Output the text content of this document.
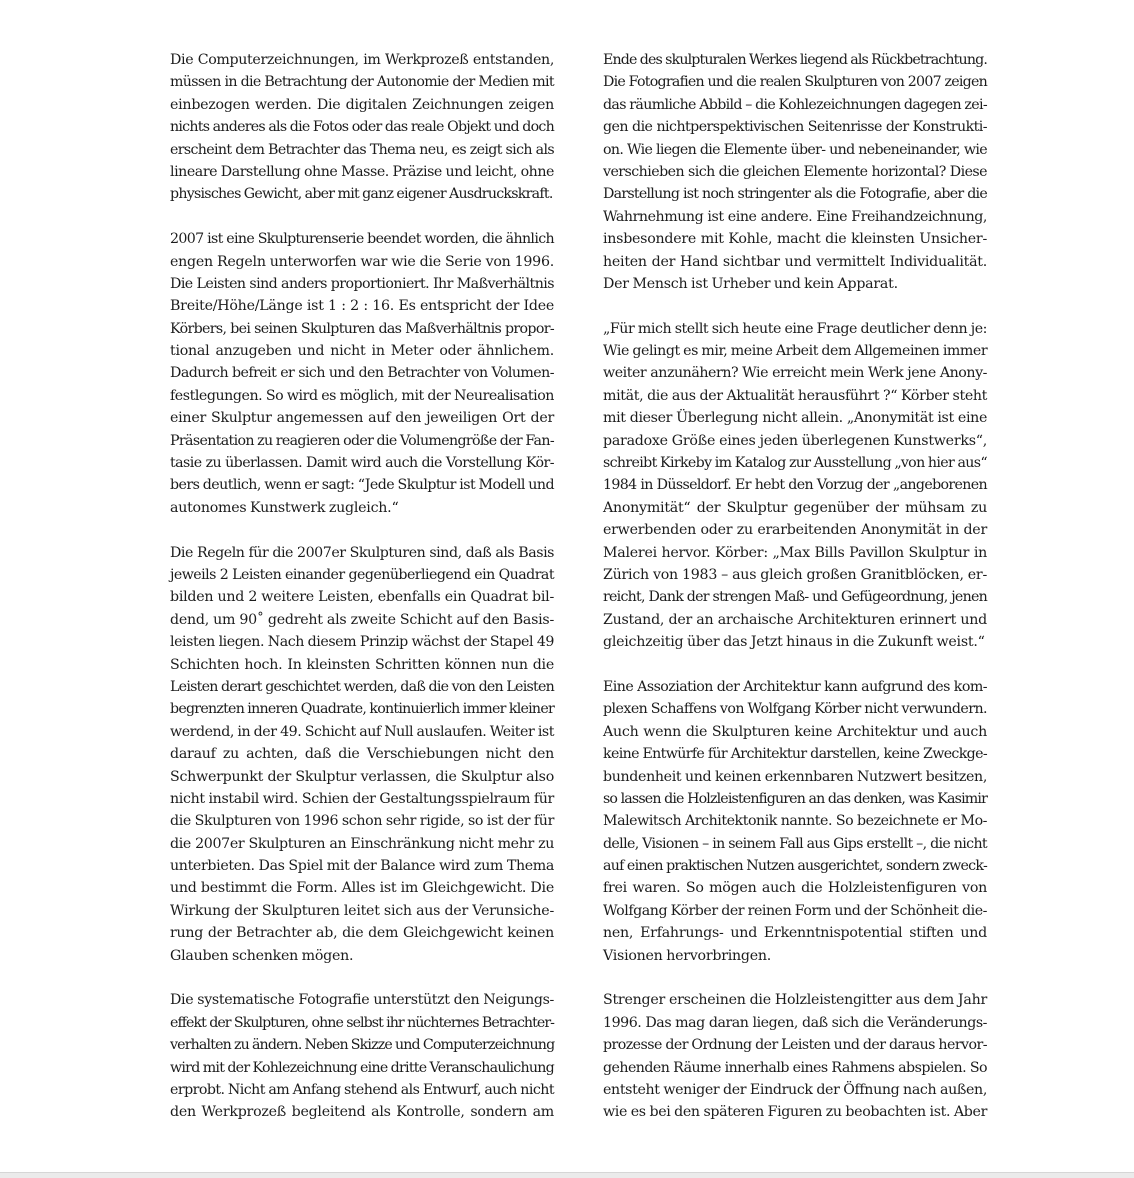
Die Computerzeichnungen, im Werkprozeß entstanden,
müssen in die Betrachtung der Autonomie der Medien mit
einbezogen werden. Die digitalen Zeichnungen zeigen
nichts anderes als die Fotos oder das reale Objekt und doch
erscheint dem Betrachter das Thema neu, es zeigt sich als
lineare Darstellung ohne Masse. Präzise und leicht, ohne
physisches Gewicht, aber mit ganz eigener Ausdruckskraft.
2007 ist eine Skulpturenserie beendet worden, die ähnlich
engen Regeln unterworfen war wie die Serie von 1996.
Die Leisten sind anders proportioniert. Ihr Maßverhältnis
Breite/Höhe/Länge ist 1 : 2 : 16. Es entspricht der Idee
Körbers, bei seinen Skulpturen das Maßverhältnis propor-
tional anzugeben und nicht in Meter oder ähnlichem.
Dadurch befreit er sich und den Betrachter von Volumen-
festlegungen. So wird es möglich, mit der Neurealisation
einer Skulptur angemessen auf den jeweiligen Ort der
Präsentation zu reagieren oder die Volumengröße der Fan-
tasie zu überlassen. Damit wird auch die Vorstellung Kör-
bers deutlich, wenn er sagt: “Jede Skulptur ist Modell und
autonomes Kunstwerk zugleich.“
Die Regeln für die 2007er Skulpturen sind, daß als Basis
jeweils 2 Leisten einander gegenüberliegend ein Quadrat
bilden und 2 weitere Leisten, ebenfalls ein Quadrat bil-
dend, um 90˚ gedreht als zweite Schicht auf den Basis-
leisten liegen. Nach diesem Prinzip wächst der Stapel 49
Schichten hoch. In kleinsten Schritten können nun die
Leisten derart geschichtet werden, daß die von den Leisten
begrenzten inneren Quadrate, kontinuierlich immer kleiner
werdend, in der 49. Schicht auf Null auslaufen. Weiter ist
darauf zu achten, daß die Verschiebungen nicht den
Schwerpunkt der Skulptur verlassen, die Skulptur also
nicht instabil wird. Schien der Gestaltungsspielraum für
die Skulpturen von 1996 schon sehr rigide, so ist der für
die 2007er Skulpturen an Einschränkung nicht mehr zu
unterbieten. Das Spiel mit der Balance wird zum Thema
und bestimmt die Form. Alles ist im Gleichgewicht. Die
Wirkung der Skulpturen leitet sich aus der Verunsiche-
rung der Betrachter ab, die dem Gleichgewicht keinen
Glauben schenken mögen.
Die systematische Fotografie unterstützt den Neigungs-
effekt der Skulpturen, ohne selbst ihr nüchternes Betrachter-
verhalten zu ändern. Neben Skizze und Computerzeichnung
wird mit der Kohlezeichnung eine dritte Veranschaulichung
erprobt. Nicht am Anfang stehend als Entwurf, auch nicht
den Werkprozeß begleitend als Kontrolle, sondern am
Ende des skulpturalen Werkes liegend als Rückbetrachtung.
Die Fotografien und die realen Skulpturen von 2007 zeigen
das räumliche Abbild – die Kohlezeichnungen dagegen zei-
gen die nichtperspektivischen Seitenrisse der Konstrukti-
on. Wie liegen die Elemente über- und nebeneinander, wie
verschieben sich die gleichen Elemente horizontal? Diese
Darstellung ist noch stringenter als die Fotografie, aber die
Wahrnehmung ist eine andere. Eine Freihandzeichnung,
insbesondere mit Kohle, macht die kleinsten Unsicher-
heiten der Hand sichtbar und vermittelt Individualität.
Der Mensch ist Urheber und kein Apparat.
„Für mich stellt sich heute eine Frage deutlicher denn je:
Wie gelingt es mir, meine Arbeit dem Allgemeinen immer
weiter anzunähern? Wie erreicht mein Werk jene Anony-
mität, die aus der Aktualität herausführt ?“ Körber steht
mit dieser Überlegung nicht allein. „Anonymität ist eine
paradoxe Größe eines jeden überlegenen Kunstwerks“,
schreibt Kirkeby im Katalog zur Ausstellung „von hier aus“
1984 in Düsseldorf. Er hebt den Vorzug der „angeborenen
Anonymität“ der Skulptur gegenüber der mühsam zu
erwerbenden oder zu erarbeitenden Anonymität in der
Malerei hervor. Körber: „Max Bills Pavillon Skulptur in
Zürich von 1983 – aus gleich großen Granitblöcken, er-
reicht, Dank der strengen Maß- und Gefügeordnung, jenen
Zustand, der an archaische Architekturen erinnert und
gleichzeitig über das Jetzt hinaus in die Zukunft weist.“
Eine Assoziation der Architektur kann aufgrund des kom-
plexen Schaffens von Wolfgang Körber nicht verwundern.
Auch wenn die Skulpturen keine Architektur und auch
keine Entwürfe für Architektur darstellen, keine Zweckge-
bundenheit und keinen erkennbaren Nutzwert besitzen,
so lassen die Holzleistenfiguren an das denken, was Kasimir
Malewitsch Architektonik nannte. So bezeichnete er Mo-
delle, Visionen – in seinem Fall aus Gips erstellt –, die nicht
auf einen praktischen Nutzen ausgerichtet, sondern zweck-
frei waren. So mögen auch die Holzleistenfiguren von
Wolfgang Körber der reinen Form und der Schönheit die-
nen, Erfahrungs- und Erkenntnispotential stiften und
Visionen hervorbringen.
Strenger erscheinen die Holzleistengitter aus dem Jahr
1996. Das mag daran liegen, daß sich die Veränderungs-
prozesse der Ordnung der Leisten und der daraus hervor-
gehenden Räume innerhalb eines Rahmens abspielen. So
entsteht weniger der Eindruck der Öffnung nach außen,
wie es bei den späteren Figuren zu beobachten ist. Aber
